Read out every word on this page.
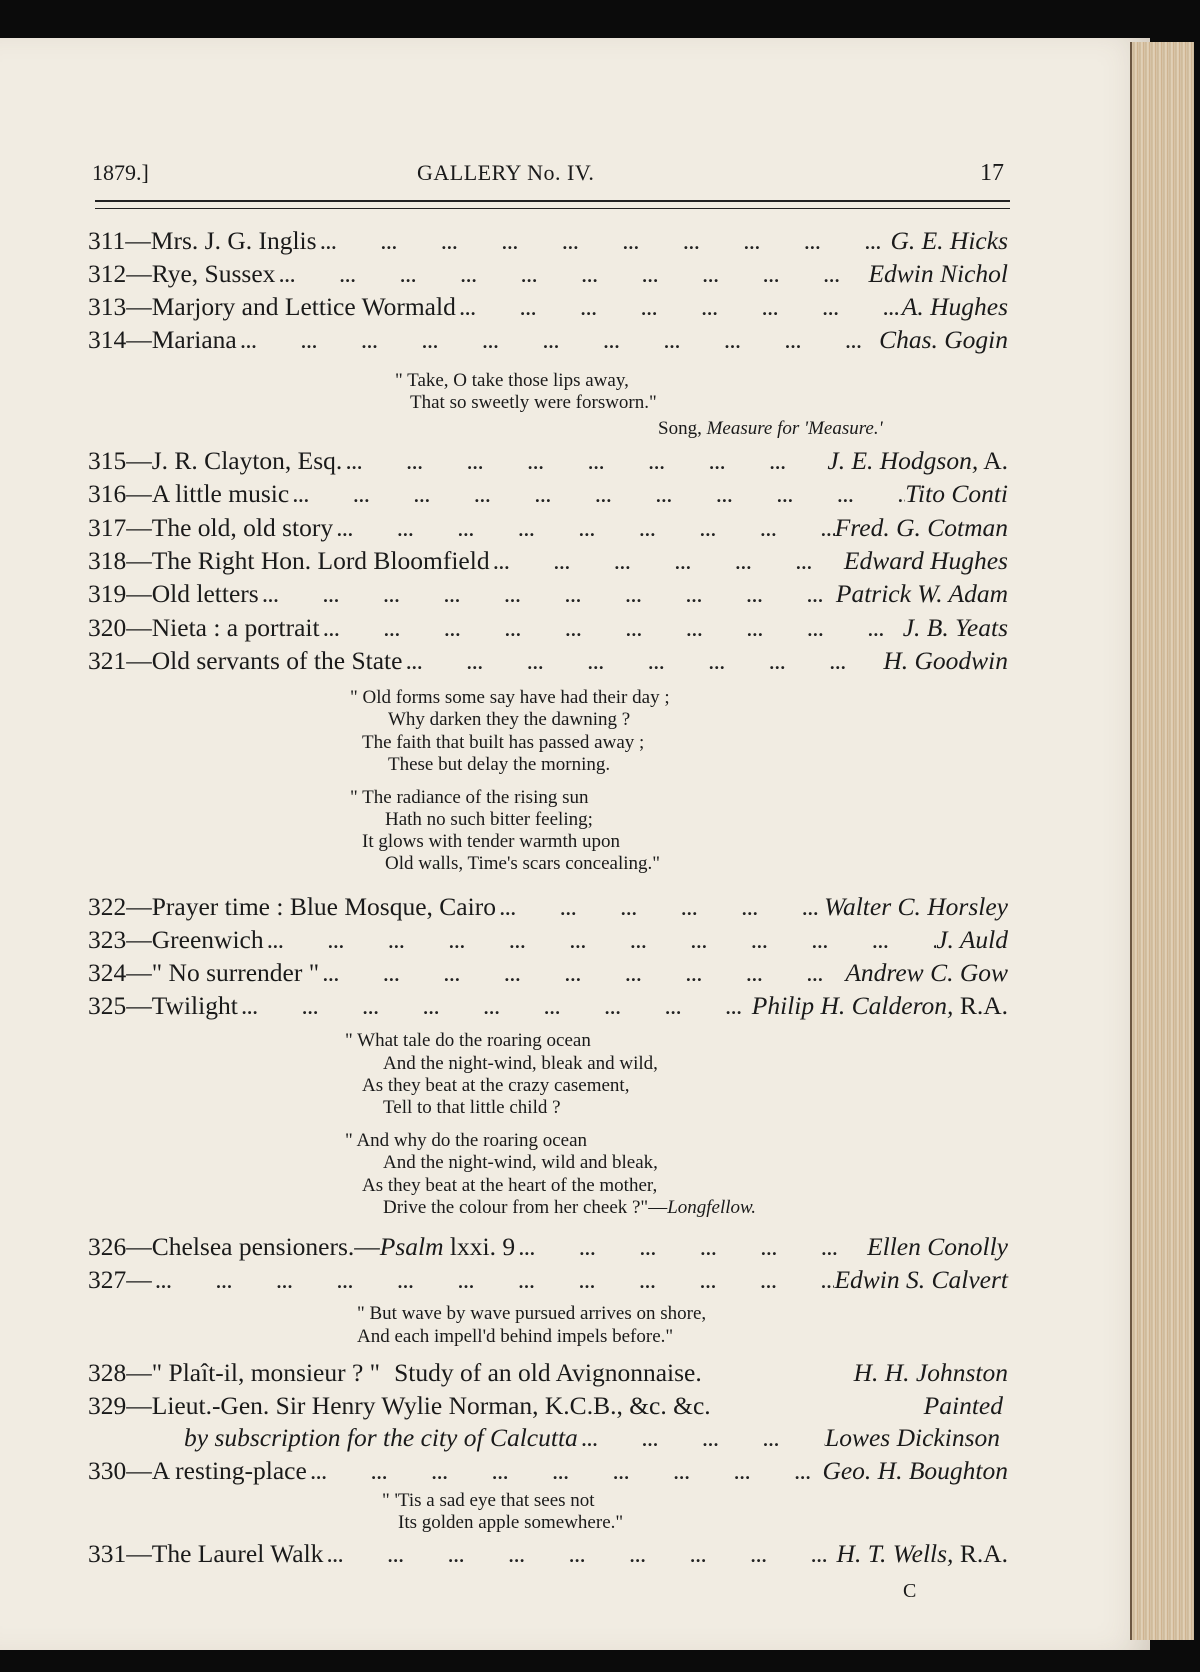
1879.]	GALLERY No. IV.	17
311—Mrs. J. G. Inglis ...	G. E. Hicks
312—Rye, Sussex ...	Edwin Nichol
313—Marjory and Lettice Wormald ...	A. Hughes
314—Mariana ...	Chas. Gogin
" Take, O take those lips away,
That so sweetly were forsworn."
Song, Measure for 'Measure.'
315—J. R. Clayton, Esq. ...	J. E. Hodgson, A.
316—A little music ...	Tito Conti
317—The old, old story ...	Fred. G. Cotman
318—The Right Hon. Lord Bloomfield ...	Edward Hughes
319—Old letters ...	Patrick W. Adam
320—Nieta : a portrait ...	J. B. Yeats
321—Old servants of the State ...	H. Goodwin
" Old forms some say have had their day ;
Why darken they the dawning ?
The faith that built has passed away ;
These but delay the morning.
" The radiance of the rising sun
Hath no such bitter feeling;
It glows with tender warmth upon
Old walls, Time's scars concealing."
322—Prayer time : Blue Mosque, Cairo ...	Walter C. Horsley
323—Greenwich ...	J. Auld
324—" No surrender " ...	Andrew C. Gow
325—Twilight ...	Philip H. Calderon, R.A.
" What tale do the roaring ocean
And the night-wind, bleak and wild,
As they beat at the crazy casement,
Tell to that little child ?
" And why do the roaring ocean
And the night-wind, wild and bleak,
As they beat at the heart of the mother,
Drive the colour from her cheek ?"—Longfellow.
326—Chelsea pensioners.—Psalm lxxi. 9 ...	Ellen Conolly
327— ...	Edwin S. Calvert
" But wave by wave pursued arrives on shore,
And each impell'd behind impels before."
328—" Plaît-il, monsieur ? " Study of an old Avignonnaise.	H. H. Johnston
329—Lieut.-Gen. Sir Henry Wylie Norman, K.C.B., &c. &c.	Painted
by subscription for the city of Calcutta ...	Lowes Dickinson
330—A resting-place ...	Geo. H. Boughton
" 'Tis a sad eye that sees not
Its golden apple somewhere."
331—The Laurel Walk ...	H. T. Wells, R.A.
C
